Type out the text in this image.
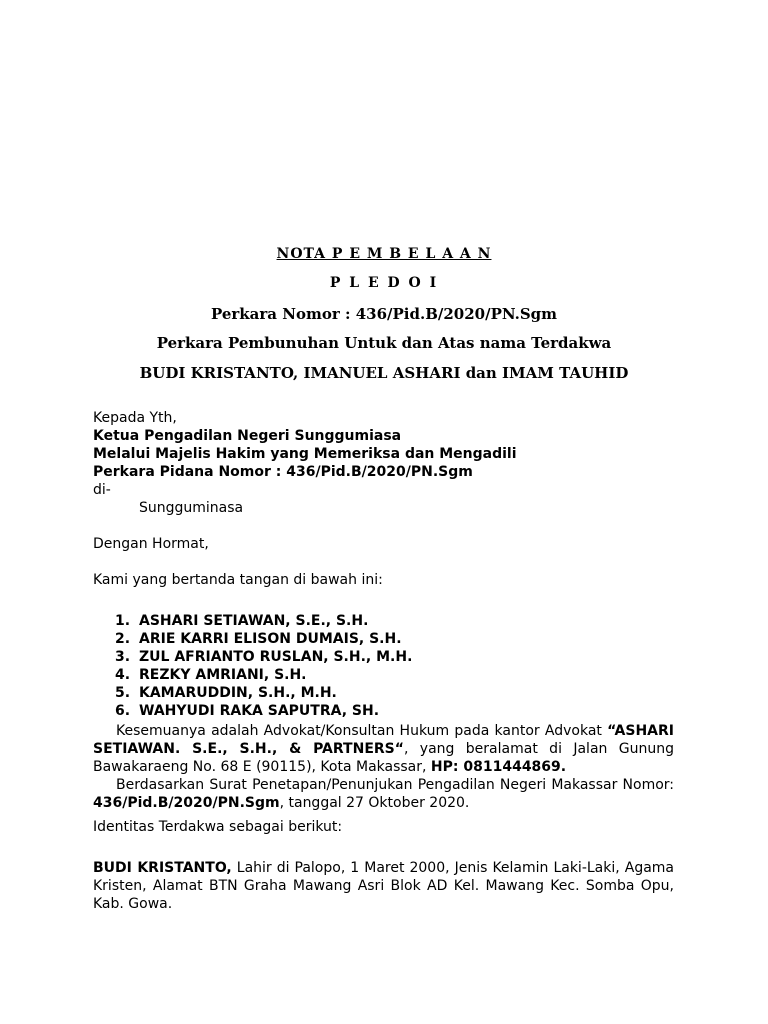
NOTA P E M B E L A A N
P L E D O I
Perkara Nomor : 436/Pid.B/2020/PN.Sgm
Perkara Pembunuhan Untuk dan Atas nama Terdakwa
BUDI KRISTANTO, IMANUEL ASHARI dan IMAM TAUHID
Kepada Yth,
Ketua Pengadilan Negeri Sunggumiasa
Melalui Majelis Hakim yang Memeriksa dan Mengadili
Perkara Pidana Nomor : 436/Pid.B/2020/PN.Sgm
di-
Sungguminasa
Dengan Hormat,
Kami yang bertanda tangan di bawah ini:
1. ASHARI SETIAWAN, S.E., S.H.
2. ARIE KARRI ELISON DUMAIS, S.H.
3. ZUL AFRIANTO RUSLAN, S.H., M.H.
4. REZKY AMRIANI, S.H.
5. KAMARUDDIN, S.H., M.H.
6. WAHYUDI RAKA SAPUTRA, SH.
Kesemuanya adalah Advokat/Konsultan Hukum pada kantor Advokat “ASHARI SETIAWAN. S.E., S.H., & PARTNERS“, yang beralamat di Jalan Gunung Bawakaraeng No. 68 E (90115), Kota Makassar, HP: 0811444869.
Berdasarkan Surat Penetapan/Penunjukan Pengadilan Negeri Makassar Nomor: 436/Pid.B/2020/PN.Sgm, tanggal 27 Oktober 2020.
Identitas Terdakwa sebagai berikut:
BUDI KRISTANTO, Lahir di Palopo, 1 Maret 2000, Jenis Kelamin Laki-Laki, Agama Kristen, Alamat BTN Graha Mawang Asri Blok AD Kel. Mawang Kec. Somba Opu, Kab. Gowa.
